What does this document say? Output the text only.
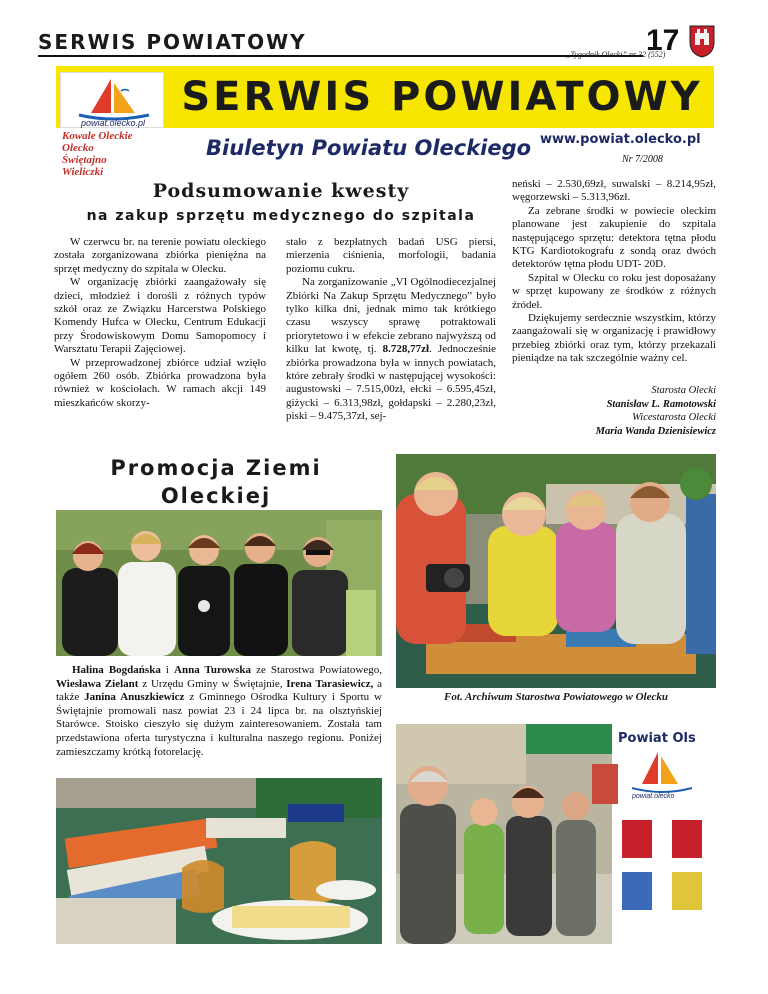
SERWIS POWIATOWY	17
„Tygodnik Olecki” nr 32 (552)
powiat.olecko.pl
SERWIS POWIATOWY
Kowale Oleckie
Olecko
Świętajno
Wieliczki
Biuletyn Powiatu Oleckiego www.powiat.olecko.pl
Nr 7/2008
Podsumowanie kwesty
na zakup sprzętu medycznego do szpitala

W czerwcu br. na terenie powiatu oleckiego została zorganizowana zbiórka pieniężna na sprzęt medyczny do szpitala w Olecku.

W organizację zbiórki zaangażowały się dzieci, młodzież i dorośli z różnych typów szkół oraz ze Związku Harcerstwa Polskiego Komendy Hufca w Olecku, Centrum Edukacji przy Środowiskowym Domu Samopomocy i Warsztatu Terapii Zajęciowej.

W przeprowadzonej zbiórce udział wzięło ogółem 260 osób. Zbiórka prowadzona była również w kościołach. W ramach akcji 149 mieszkańców skorzy-

stało z bezpłatnych badań USG piersi, mierzenia ciśnienia, morfologii, badania poziomu cukru.

Na zorganizowanie „VI Ogólnodiecezjalnej Zbiórki Na Zakup Sprzętu Medycznego” było tylko kilka dni, jednak mimo tak krótkiego czasu wszyscy sprawę potraktowali priorytetowo i w efekcie zebrano najwyższą od kilku lat kwotę, tj. 8.728,77zł. Jednocześnie zbiórka prowadzona była w innych powiatach, które zebrały środki w następującej wysokości: augustowski – 7.515,00zł, ełcki – 6.595,45zł, giżycki – 6.313,98zł, gołdapski – 2.280,23zł, piski – 9.475,37zł, sej-

neński – 2.530,69zł, suwalski – 8.214,95zł, węgorzewski – 5.313,96zł.

Za zebrane środki w powiecie oleckim planowane jest zakupienie do szpitala następującego sprzętu: detektora tętna płodu KTG Kardiotokografu z sondą oraz dwóch detektorów tętna płodu UDT- 20D.

Szpital w Olecku co roku jest doposażany w sprzęt kupowany ze środków z różnych źródeł.

Dziękujemy serdecznie wszystkim, którzy zaangażowali się w organizację i prawidłowy przebieg zbiórki oraz tym, którzy przekazali pieniądze na tak szczególnie ważny cel.

Starosta Olecki
Stanisław L. Ramotowski
Wicestarosta Olecki
Maria Wanda Dzienisiewicz
Promocja Ziemi Oleckiej
Fot. Archiwum Starostwa Powiatowego w Olecku

Halina Bogdańska i Anna Turowska ze Starostwa Powiatowego, Wiesława Zielant z Urzędu Gminy w Świętajnie, Irena Tarasiewicz, a także Janina Anuszkiewicz z Gminnego Ośrodka Kultury i Sportu w Świętajnie promowali nasz powiat 23 i 24 lipca br. na olsztyńskiej Starówce. Stoisko cieszyło się dużym zainteresowaniem. Została tam przedstawiona oferta turystyczna i kulturalna naszego regionu. Poniżej zamieszczamy krótką fotorelację.

Powiat Ols
powiat.olecko
